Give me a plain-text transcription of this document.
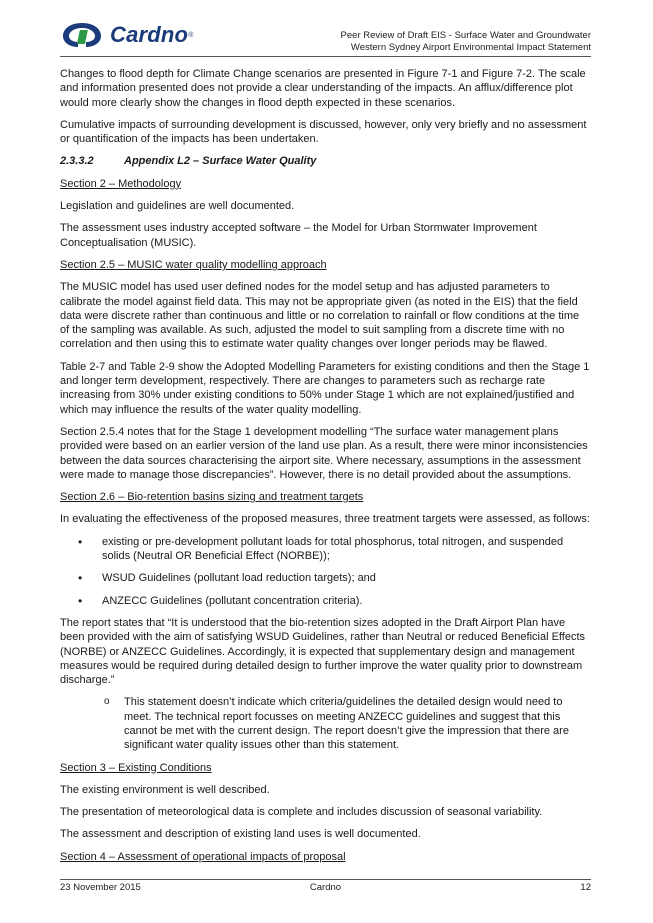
Cardno ®	Peer Review of Draft EIS - Surface Water and Groundwater
Western Sydney Airport Environmental Impact Statement

Changes to flood depth for Climate Change scenarios are presented in Figure 7-1 and Figure 7-2. The scale and information presented does not provide a clear understanding of the impacts. An afflux/difference plot would more clearly show the changes in flood depth expected in these scenarios.

Cumulative impacts of surrounding development is discussed, however, only very briefly and no assessment or quantification of the impacts has been undertaken.

2.3.3.2	Appendix L2 – Surface Water Quality

Section 2 – Methodology

Legislation and guidelines are well documented.

The assessment uses industry accepted software – the Model for Urban Stormwater Improvement Conceptualisation (MUSIC).

Section 2.5 – MUSIC water quality modelling approach

The MUSIC model has used user defined nodes for the model setup and has adjusted parameters to calibrate the model against field data. This may not be appropriate given (as noted in the EIS) that the field data were discrete rather than continuous and little or no correlation to rainfall or flow conditions at the time of the sampling was available. As such, adjusted the model to suit sampling from a discrete time with no correlation and then using this to estimate water quality changes over longer periods may be flawed.

Table 2-7 and Table 2-9 show the Adopted Modelling Parameters for existing conditions and then the Stage 1 and longer term development, respectively. There are changes to parameters such as recharge rate increasing from 30% under existing conditions to 50% under Stage 1 which are not explained/justified and which may influence the results of the water quality modelling.

Section 2.5.4 notes that for the Stage 1 development modelling “The surface water management plans provided were based on an earlier version of the land use plan. As a result, there were minor inconsistencies between the data sources characterising the airport site. Where necessary, assumptions in the assessment were made to manage those discrepancies”. However, there is no detail provided about the assumptions.

Section 2.6 – Bio-retention basins sizing and treatment targets

In evaluating the effectiveness of the proposed measures, three treatment targets were assessed, as follows:

• existing or pre-development pollutant loads for total phosphorus, total nitrogen, and suspended solids (Neutral OR Beneficial Effect (NORBE));
• WSUD Guidelines (pollutant load reduction targets); and
• ANZECC Guidelines (pollutant concentration criteria).

The report states that “It is understood that the bio-retention sizes adopted in the Draft Airport Plan have been provided with the aim of satisfying WSUD Guidelines, rather than Neutral or reduced Beneficial Effects (NORBE) or ANZECC Guidelines. Accordingly, it is expected that supplementary design and management measures would be required during detailed design to further improve the water quality prior to downstream discharge.”

o This statement doesn’t indicate which criteria/guidelines the detailed design would need to meet. The technical report focusses on meeting ANZECC guidelines and suggest that this cannot be met with the current design. The report doesn’t give the impression that there are significant water quality issues other than this statement.

Section 3 – Existing Conditions

The existing environment is well described.

The presentation of meteorological data is complete and includes discussion of seasonal variability.

The assessment and description of existing land uses is well documented.

Section 4 – Assessment of operational impacts of proposal

23 November 2015	Cardno	12
